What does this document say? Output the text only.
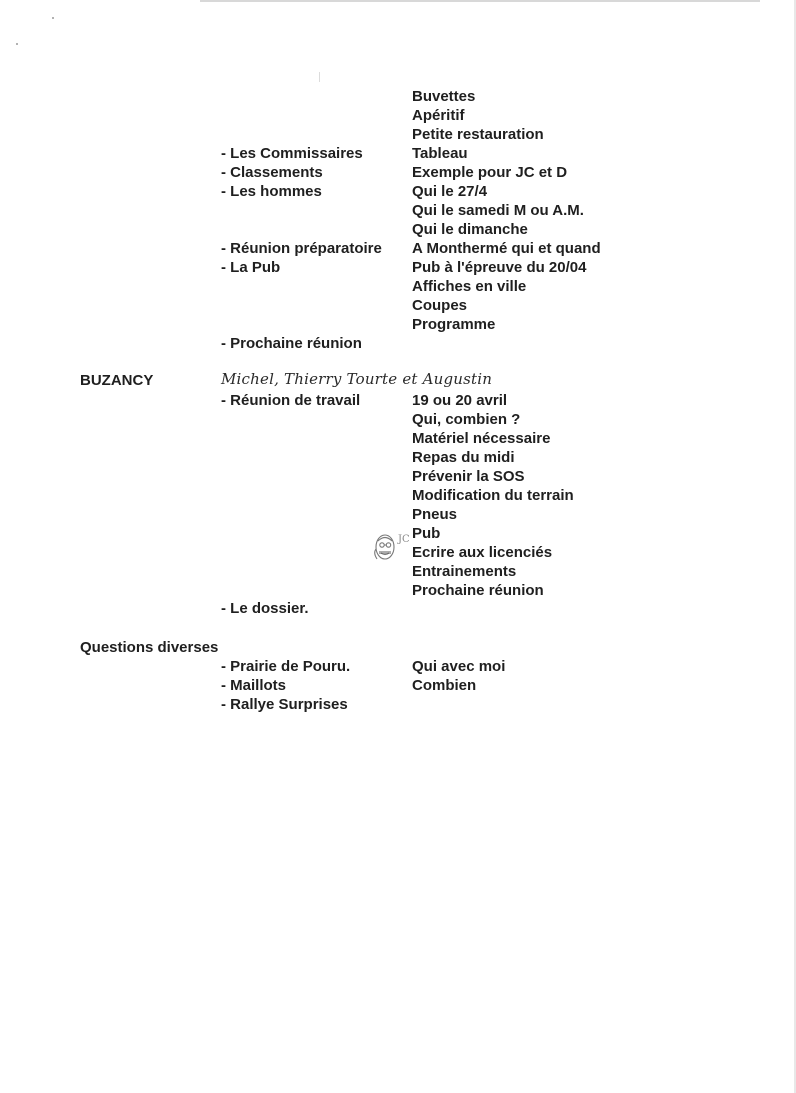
Buvettes
Apéritif
Petite restauration
Tableau
Exemple pour JC et D
Qui le 27/4
Qui le samedi M ou A.M.
Qui le dimanche
A Monthermé qui et quand
Pub à l'épreuve du 20/04
Affiches en ville
Coupes
Programme
- Les Commissaires
- Classements
- Les hommes
- Réunion préparatoire
- La Pub
- Prochaine réunion
BUZANCY	Michel, Thierry Tourte et Augustin
- Réunion de travail
- Le dossier.
19 ou 20 avril
Qui, combien ?
Matériel nécessaire
Repas du midi
Prévenir la SOS
Modification du terrain
Pneus
Pub
Ecrire aux licenciés
Entrainements
Prochaine réunion
JC
Questions diverses
- Prairie de Pouru.
- Maillots
- Rallye Surprises
Qui avec moi
Combien
